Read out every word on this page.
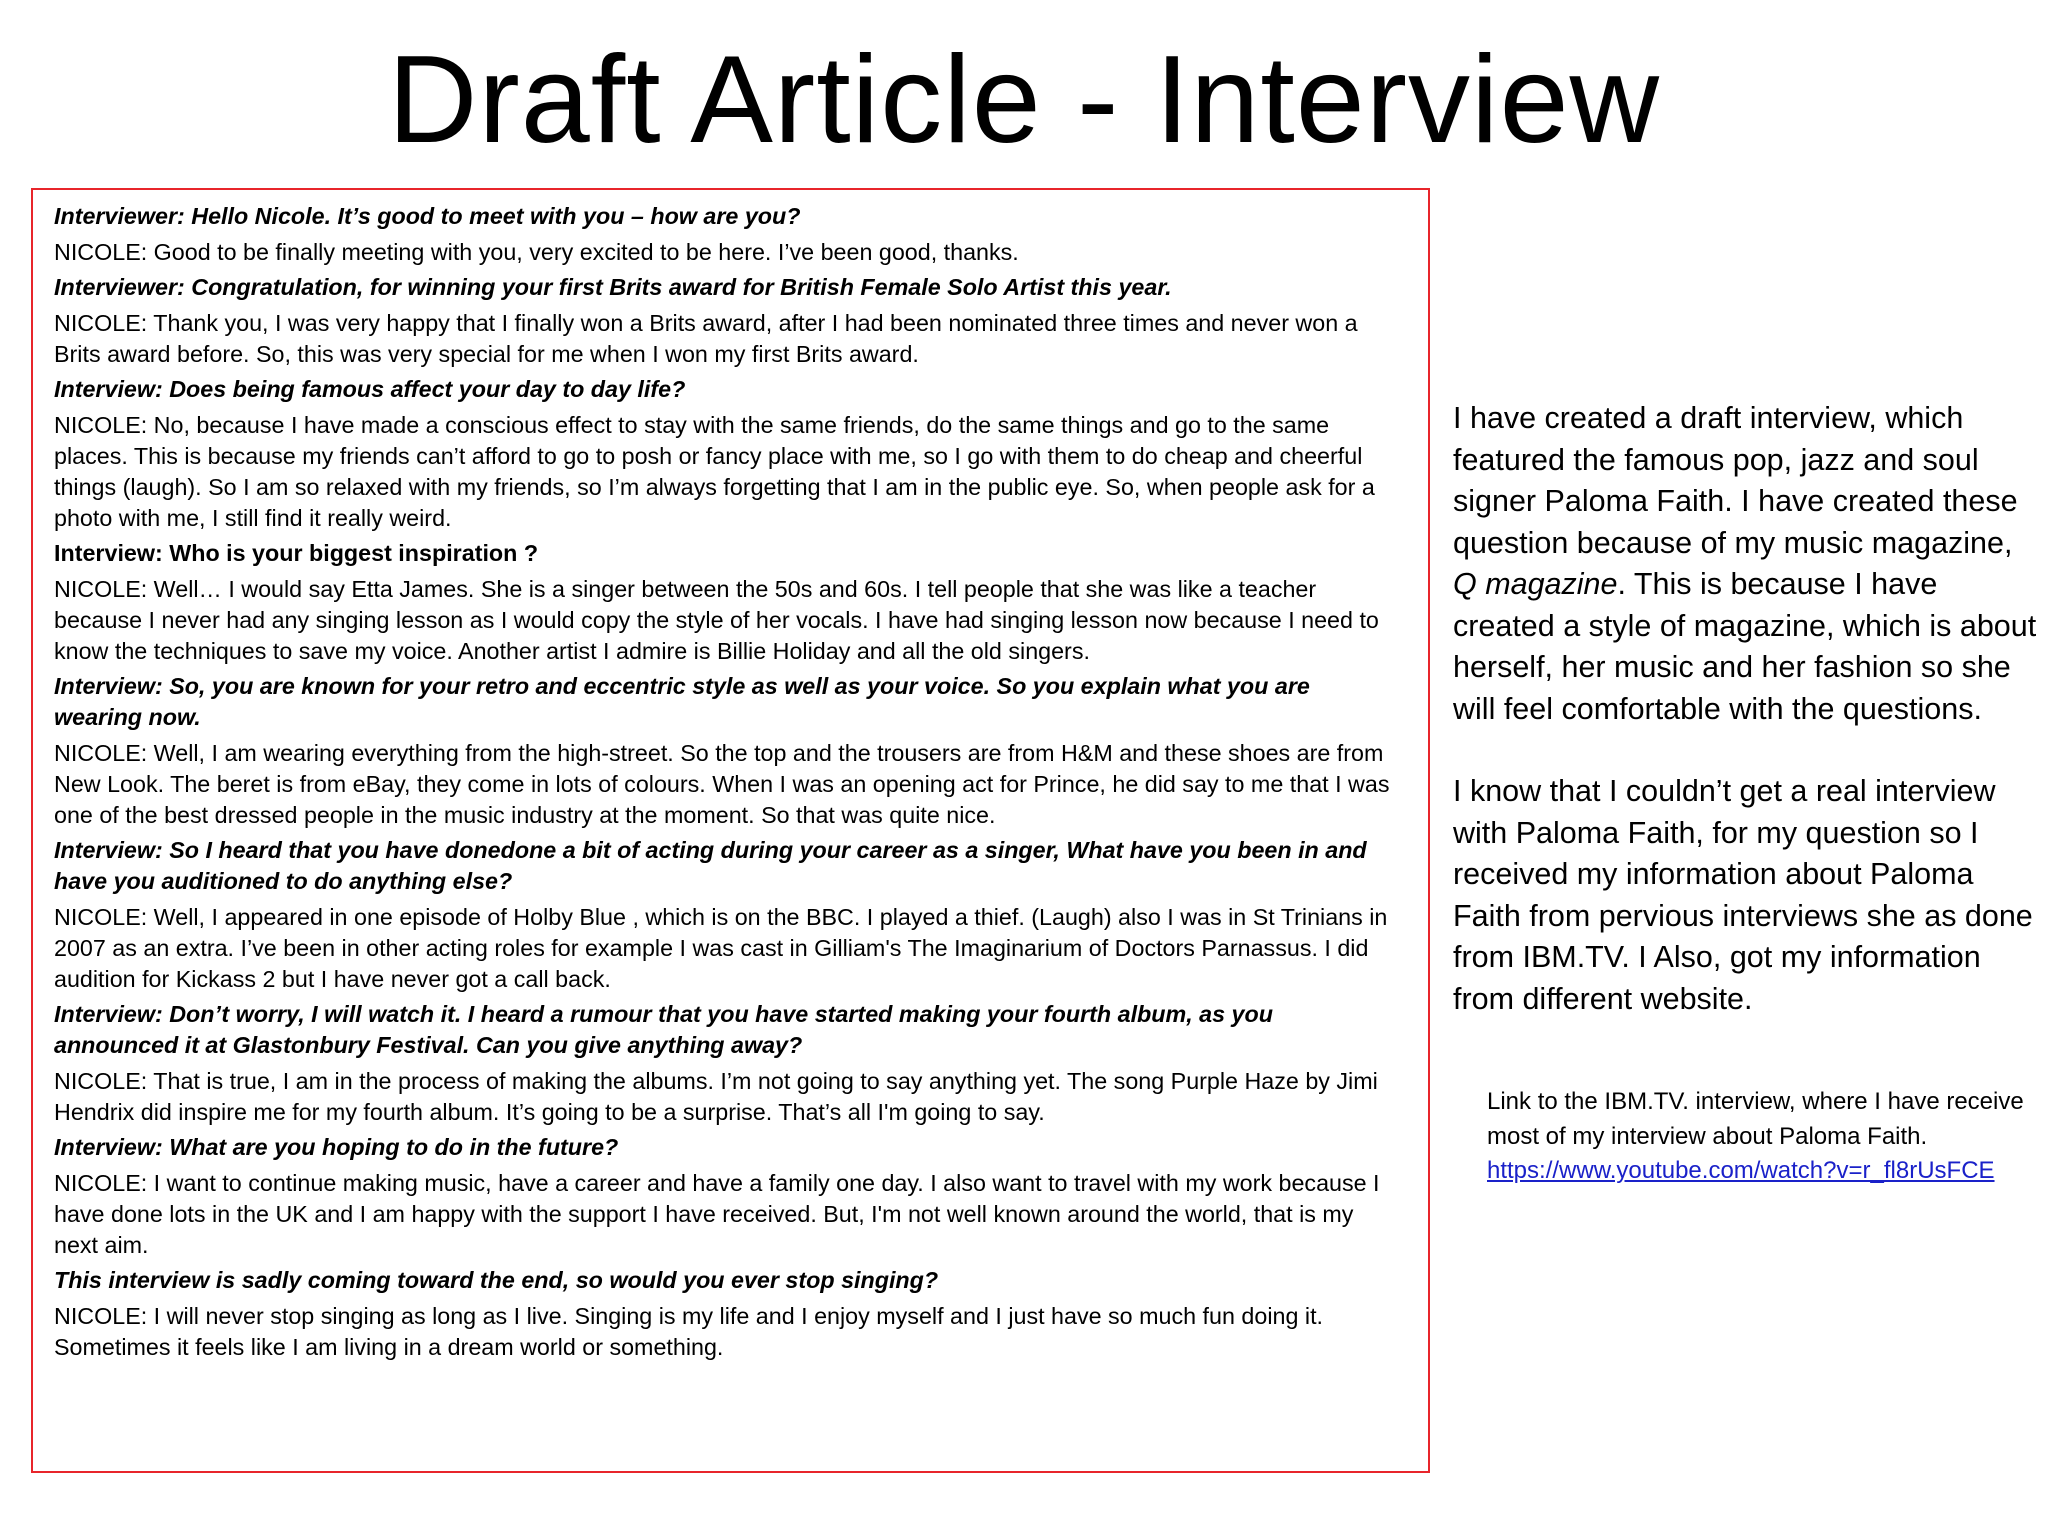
Draft Article - Interview

Interviewer: Hello Nicole. It’s good to meet with you – how are you?

NICOLE: Good to be finally meeting with you, very excited to be here. I’ve been good, thanks.

Interviewer: Congratulation, for winning your first Brits award for British Female Solo Artist this year.

NICOLE: Thank you, I was very happy that I finally won a Brits award, after I had been nominated three times and never won a Brits award before. So, this was very special for me when I won my first Brits award.

Interview: Does being famous affect your day to day life?

NICOLE: No, because I have made a conscious effect to stay with the same friends, do the same things and go to the same places. This is because my friends can’t afford to go to posh or fancy place with me, so I go with them to do cheap and cheerful things (laugh). So I am so relaxed with my friends, so I’m always forgetting that I am in the public eye. So, when people ask for a photo with me, I still find it really weird.

Interview: Who is your biggest inspiration ?

NICOLE: Well… I would say Etta James. She is a singer between the 50s and 60s. I tell people that she was like a teacher because I never had any singing lesson as I would copy the style of her vocals. I have had singing lesson now because I need to know the techniques to save my voice. Another artist I admire is Billie Holiday and all the old singers.

Interview: So, you are known for your retro and eccentric style as well as your voice. So you explain what you are wearing now.

NICOLE: Well, I am wearing everything from the high-street. So the top and the trousers are from H&M and these shoes are from New Look. The beret is from eBay, they come in lots of colours. When I was an opening act for Prince, he did say to me that I was one of the best dressed people in the music industry at the moment. So that was quite nice.

Interview: So I heard that you have donedone a bit of acting during your career as a singer, What have you been in and have you auditioned to do anything else?

NICOLE: Well, I appeared in one episode of Holby Blue , which is on the BBC. I played a thief. (Laugh) also I was in St Trinians in 2007 as an extra. I’ve been in other acting roles for example I was cast in Gilliam's The Imaginarium of Doctors Parnassus. I did audition for Kickass 2 but I have never got a call back.

Interview: Don’t worry, I will watch it. I heard a rumour that you have started making your fourth album, as you announced it at Glastonbury Festival. Can you give anything away?

NICOLE: That is true, I am in the process of making the albums. I’m not going to say anything yet. The song Purple Haze by Jimi Hendrix did inspire me for my fourth album. It’s going to be a surprise. That’s all I'm going to say.

Interview: What are you hoping to do in the future?

NICOLE: I want to continue making music, have a career and have a family one day. I also want to travel with my work because I have done lots in the UK and I am happy with the support I have received. But, I'm not well known around the world, that is my next aim.

This interview is sadly coming toward the end, so would you ever stop singing?

NICOLE: I will never stop singing as long as I live. Singing is my life and I enjoy myself and I just have so much fun doing it. Sometimes it feels like I am living in a dream world or something.

I have created a draft interview, which featured the famous pop, jazz and soul signer Paloma Faith. I have created these question because of my music magazine, Q magazine. This is because I have created a style of magazine, which is about herself, her music and her fashion so she will feel comfortable with the questions.

I know that I couldn’t get a real interview with Paloma Faith, for my question so I received my information about Paloma Faith from pervious interviews she as done from IBM.TV. I Also, got my information from different website.

Link to the IBM.TV. interview, where I have receive most of my interview about Paloma Faith.

https://www.youtube.com/watch?v=r_fl8rUsFCE
